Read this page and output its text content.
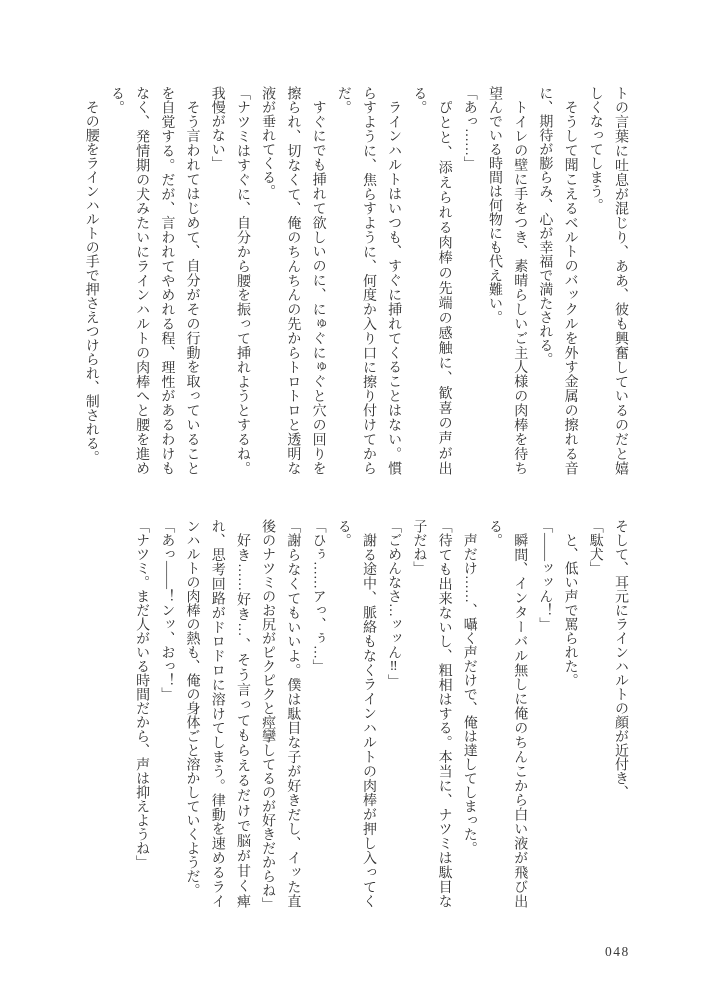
トの言葉に吐息が混じり、ああ、彼も興奮しているのだと嬉しくなってしまう。

そうして聞こえるベルトのバックルを外す金属の擦れる音に、期待が膨らみ、心が幸福で満たされる。

トイレの壁に手をつき、素晴らしいご主人様の肉棒を待ち望んでいる時間は何物にも代え難い。

「あっ……」

ぴとと、添えられる肉棒の先端の感触に、歓喜の声が出る。

ラインハルトはいつも、すぐに挿れてくることはない。慣らすように、焦らすように、何度か入り口に擦り付けてからだ。

すぐにでも挿れて欲しいのに、にゅぐにゅぐと穴の回りを擦られ、切なくて、俺のちんちんの先からトロトロと透明な液が垂れてくる。

「ナツミはすぐに、自分から腰を振って挿れようとするね。我慢がない」

そう言われてはじめて、自分がその行動を取っていることを自覚する。だが、言われてやめれる程、理性があるわけもなく、発情期の犬みたいにラインハルトの肉棒へと腰を進める。

その腰をラインハルトの手で押さえつけられ、制される。

そして、耳元にラインハルトの顔が近付き、

「駄犬」

と、低い声で罵られた。

「――ッッん！」

瞬間、インターバル無しに俺のちんこから白い液が飛び出る。

声だけ……、囁く声だけで、俺は達してしまった。

「待ても出来ないし、粗相はする。本当に、ナツミは駄目な子だね」

「ごめんなさ…ッッん‼」

謝る途中、脈絡もなくラインハルトの肉棒が押し入ってくる。

「ひぅ……アっ、ぅ…」

「謝らなくてもいいよ。僕は駄目な子が好きだし、イッた直後のナツミのお尻がピクピクと痙攣してるのが好きだからね」

好き……好き…、そう言ってもらえるだけで脳が甘く痺れ、思考回路がドロドロに溶けてしまう。律動を速めるラインハルトの肉棒の熱も、俺の身体ごと溶かしていくようだ。

「あっ――！ンッ、おっ！」

「ナツミ。まだ人がいる時間だから、声は抑えようね」

048
